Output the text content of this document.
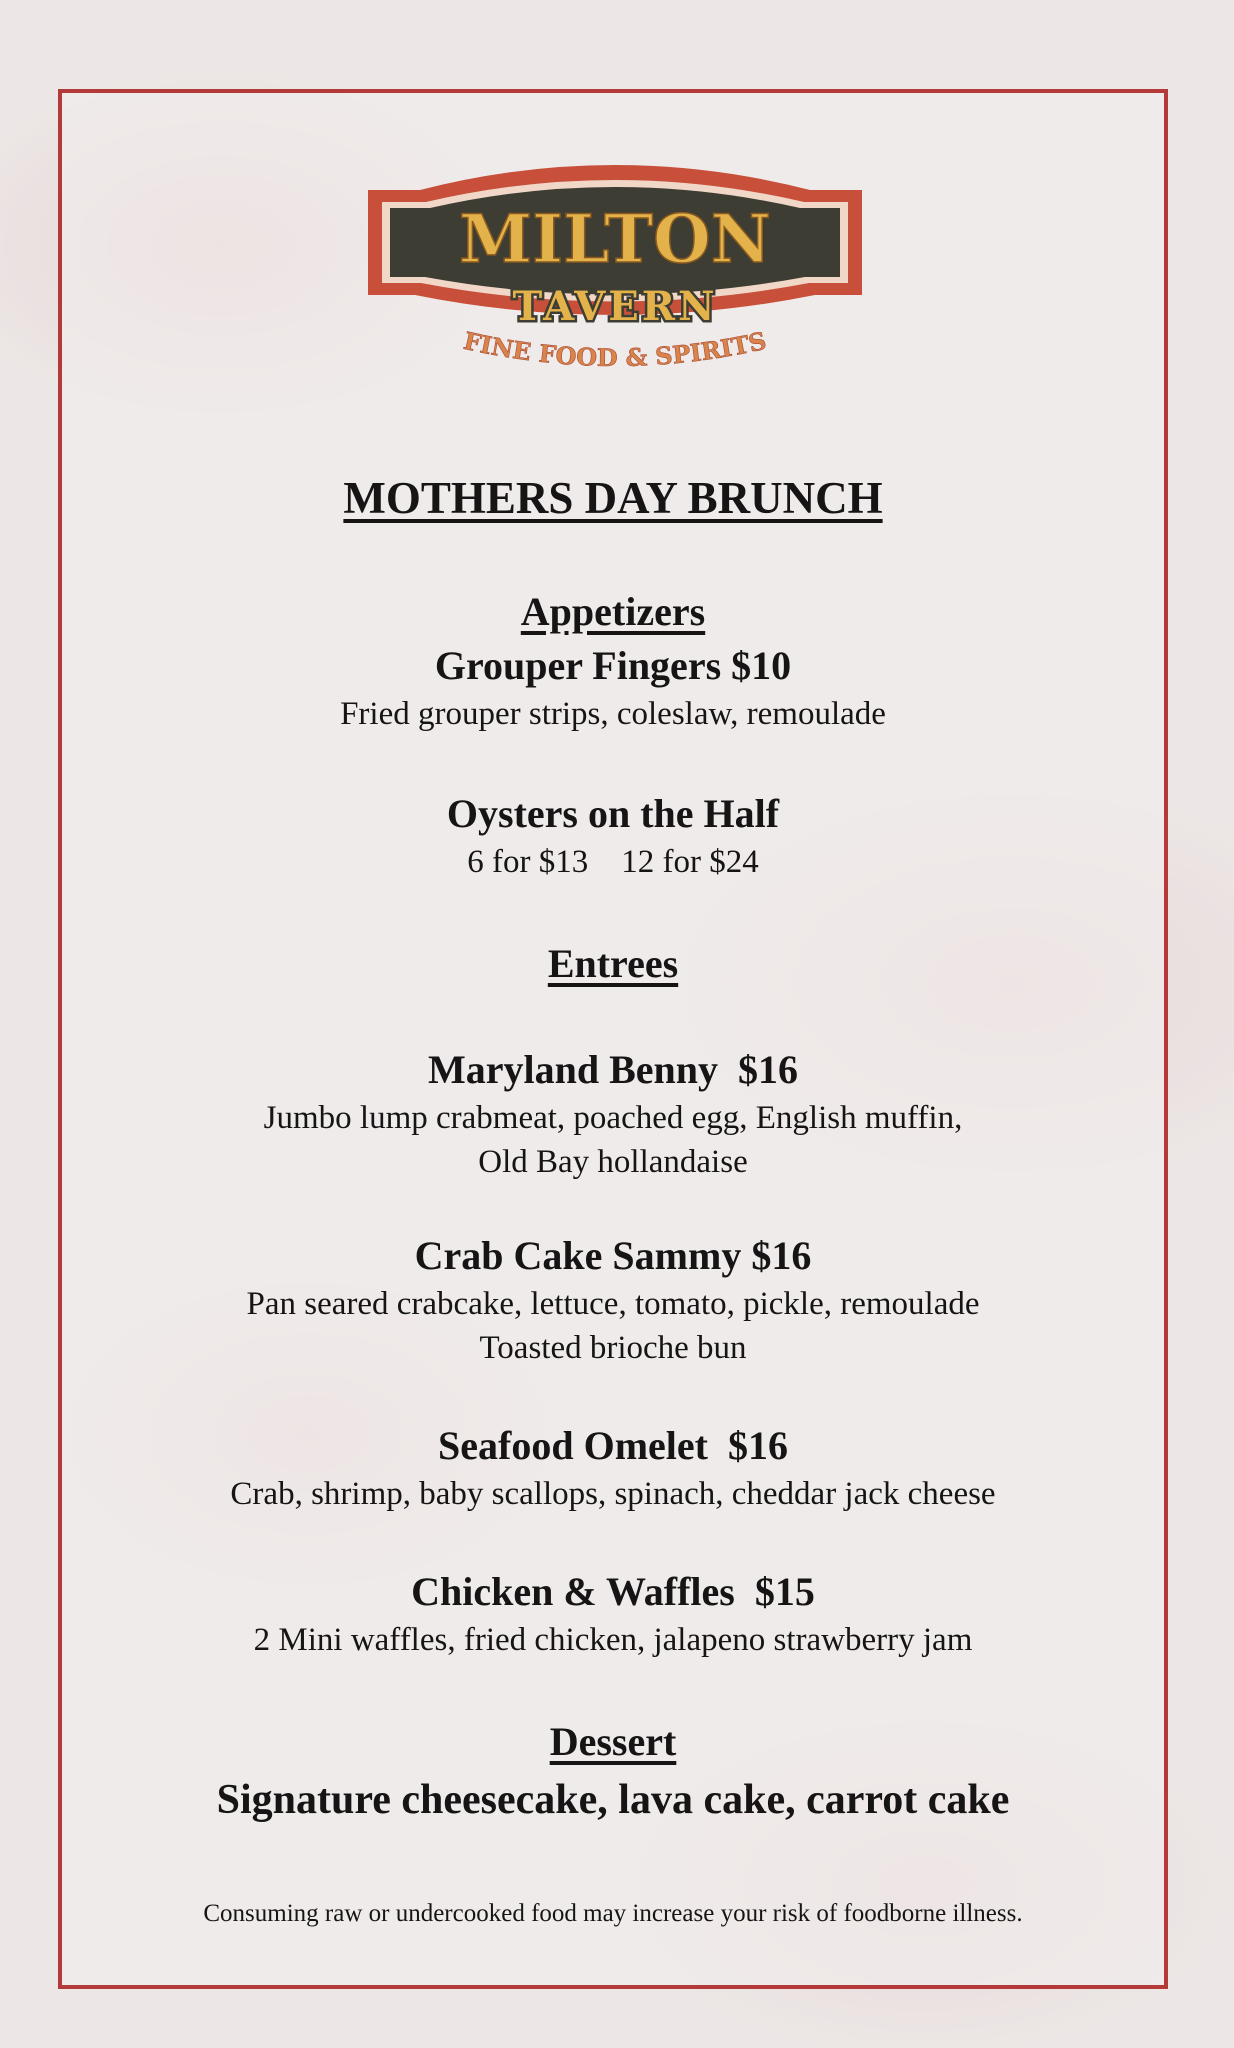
MILTON
TAVERN
FINE FOOD & SPIRITS
MOTHERS DAY BRUNCH
Appetizers
Grouper Fingers $10
Fried grouper strips, coleslaw, remoulade
Oysters on the Half
6 for $13    12 for $24
Entrees
Maryland Benny  $16
Jumbo lump crabmeat, poached egg, English muffin,
Old Bay hollandaise
Crab Cake Sammy $16
Pan seared crabcake, lettuce, tomato, pickle, remoulade
Toasted brioche bun
Seafood Omelet  $16
Crab, shrimp, baby scallops, spinach, cheddar jack cheese
Chicken & Waffles  $15
2 Mini waffles, fried chicken, jalapeno strawberry jam
Dessert
Signature cheesecake, lava cake, carrot cake
Consuming raw or undercooked food may increase your risk of foodborne illness.
